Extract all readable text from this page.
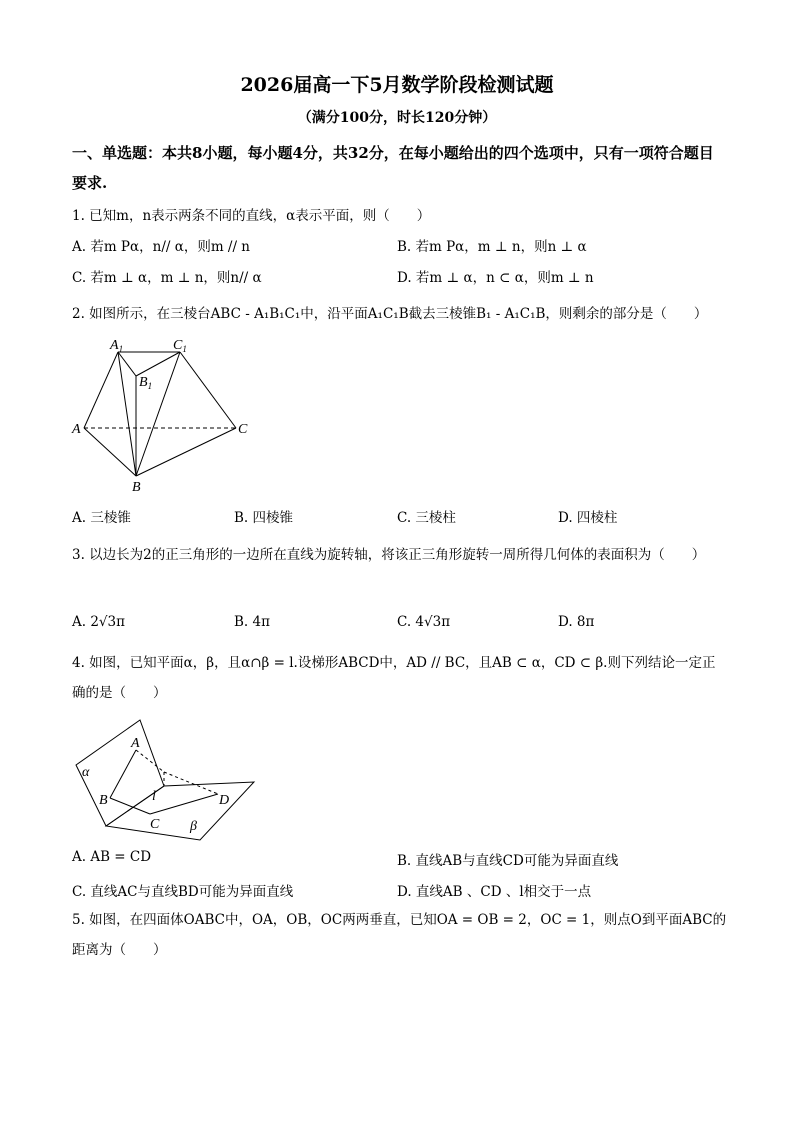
2026届高一下5月数学阶段检测试题
（满分100分，时长120分钟）
一、单选题：本共8小题，每小题4分，共32分，在每小题给出的四个选项中，只有一项符合题目要求.
1. 已知m，n表示两条不同的直线，α表示平面，则（　　）
A. 若m Pα，n// α，则m // n	B. 若m Pα，m ⊥ n，则n ⊥ α
C. 若m ⊥ α，m ⊥ n，则n// α	D. 若m ⊥ α，n ⊂ α，则m ⊥ n
2. 如图所示，在三棱台ABC - A₁B₁C₁中，沿平面A₁C₁B截去三棱锥B₁ - A₁C₁B，则剩余的部分是（　　）
$A_1$	$C_1$
$B_1$
A	C
B
A. 三棱锥	B. 四棱锥	C. 三棱柱	D. 四棱柱
3. 以边长为2的正三角形的一边所在直线为旋转轴，将该正三角形旋转一周所得几何体的表面积为（　　）
A. 2√3π	B. 4π	C. 4√3π	D. 8π
4. 如图，已知平面α，β，且α∩β = l.设梯形ABCD中，AD // BC，且AB ⊂ α，CD ⊂ β.则下列结论一定正确的是（　　）
α
β
A
B
C
D
l
A. AB = CD	B. 直线AB与直线CD可能为异面直线
C. 直线AC与直线BD可能为异面直线	D. 直线AB 、CD 、l相交于一点
5. 如图，在四面体OABC中，OA，OB，OC两两垂直，已知OA = OB = 2，OC = 1，则点O到平面ABC的距离为（　　）
